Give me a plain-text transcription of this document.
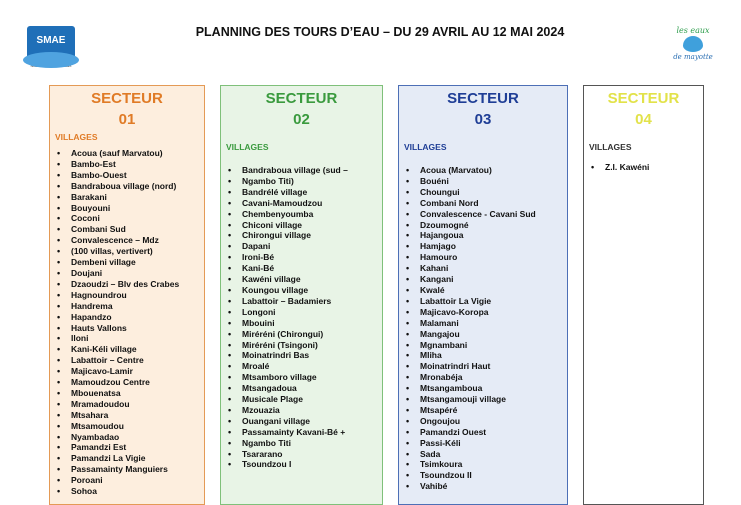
SMAE
PLANNING DES TOURS D’EAU – DU 29 AVRIL AU 12 MAI 2024	les eaux
de mayotte
SECTEUR
01
VILLAGES
• Acoua (sauf Marvatou)
• Bambo-Est
• Bambo-Ouest
• Bandraboua village (nord)
• Barakani
• Bouyouni
• Coconi
• Combani Sud
• Convalescence – Mdz
• (100 villas, vertivert)
• Dembeni village
• Doujani
• Dzaoudzi – Blv des Crabes
• Hagnoundrou
• Handrema
• Hapandzo
• Hauts Vallons
• Iloni
• Kani-Kéli village
• Labattoir – Centre
• Majicavo-Lamir
• Mamoudzou Centre
• Mbouenatsa
• Mramadoudou
• Mtsahara
• Mtsamoudou
• Nyambadao
• Pamandzi Est
• Pamandzi La Vigie
• Passamainty Manguiers
• Poroani
• Sohoa
SECTEUR
02
VILLAGES
• Bandraboua village (sud –
• Ngambo Titi)
• Bandrélé village
• Cavani-Mamoudzou
• Chembenyoumba
• Chiconi village
• Chirongui village
• Dapani
• Ironi-Bé
• Kani-Bé
• Kawéni village
• Koungou village
• Labattoir – Badamiers
• Longoni
• Mbouini
• Miréréni (Chirongui)
• Miréréni (Tsingoni)
• Moinatrindri Bas
• Mroalé
• Mtsamboro village
• Mtsangadoua
• Musicale Plage
• Mzouazia
• Ouangani village
• Passamainty Kavani-Bé +
• Ngambo Titi
• Tsararano
• Tsoundzou I
SECTEUR
03
VILLAGES
• Acoua (Marvatou)
• Bouéni
• Choungui
• Combani Nord
• Convalescence - Cavani Sud
• Dzoumogné
• Hajangoua
• Hamjago
• Hamouro
• Kahani
• Kangani
• Kwalé
• Labattoir La Vigie
• Majicavo-Koropa
• Malamani
• Mangajou
• Mgnambani
• Mliha
• Moinatrindri Haut
• Mronabéja
• Mtsangamboua
• Mtsangamouji village
• Mtsapéré
• Ongoujou
• Pamandzi Ouest
• Passi-Kéli
• Sada
• Tsimkoura
• Tsoundzou II
• Vahibé
SECTEUR
04
VILLAGES
• Z.I. Kawéni
